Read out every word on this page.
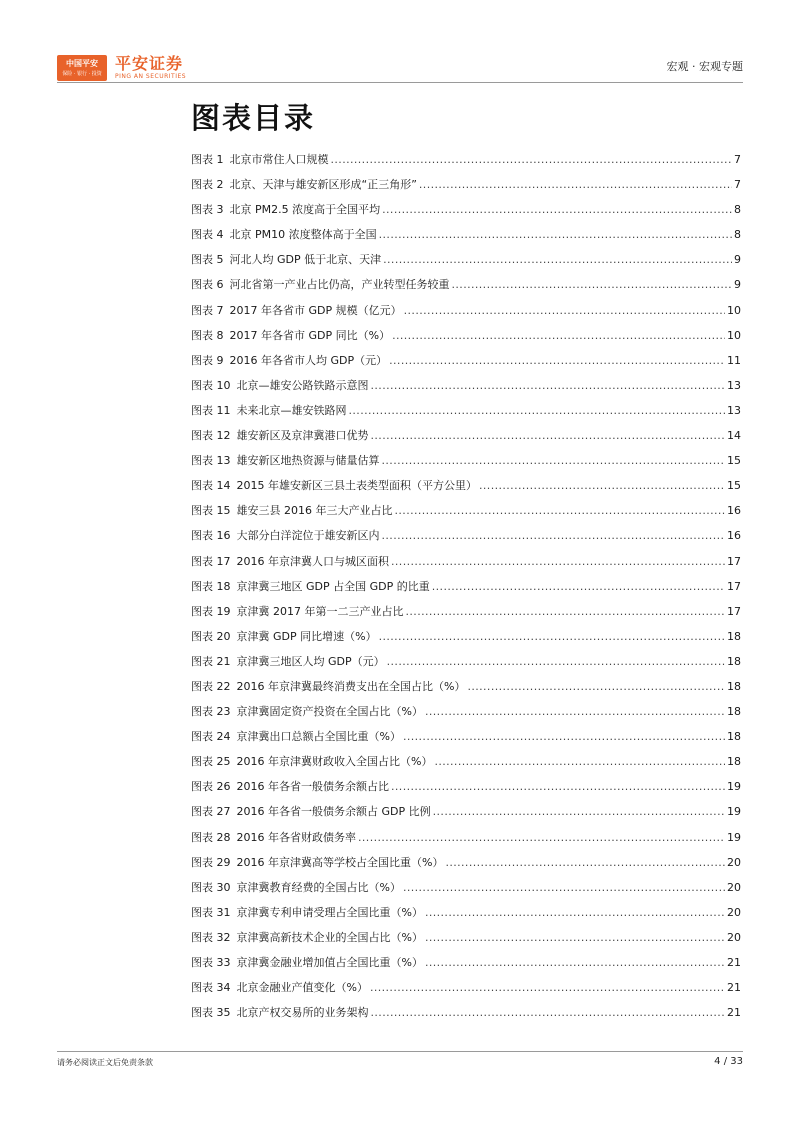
中国平安
保险 · 银行 · 投资
平安证券
PING AN SECURITIES
宏观 · 宏观专题
图表目录
图表 1 北京市常住人口规模 .....	7
图表 2 北京、天津与雄安新区形成“正三角形” .....	7
图表 3 北京 PM2.5 浓度高于全国平均 .....	8
图表 4 北京 PM10 浓度整体高于全国 .....	8
图表 5 河北人均 GDP 低于北京、天津 .....	9
图表 6 河北省第一产业占比仍高，产业转型任务较重 .....	9
图表 7 2017 年各省市 GDP 规模（亿元） .....	10
图表 8 2017 年各省市 GDP 同比（%） .....	10
图表 9 2016 年各省市人均 GDP（元） .....	11
图表 10 北京—雄安公路铁路示意图 .....	13
图表 11 未来北京—雄安铁路网 .....	13
图表 12 雄安新区及京津冀港口优势 .....	14
图表 13 雄安新区地热资源与储量估算 .....	15
图表 14 2015 年雄安新区三县土表类型面积（平方公里） .....	15
图表 15 雄安三县 2016 年三大产业占比 .....	16
图表 16 大部分白洋淀位于雄安新区内 .....	16
图表 17 2016 年京津冀人口与城区面积 .....	17
图表 18 京津冀三地区 GDP 占全国 GDP 的比重 .....	17
图表 19 京津冀 2017 年第一二三产业占比 .....	17
图表 20 京津冀 GDP 同比增速（%） .....	18
图表 21 京津冀三地区人均 GDP（元） .....	18
图表 22 2016 年京津冀最终消费支出在全国占比（%） .....	18
图表 23 京津冀固定资产投资在全国占比（%） .....	18
图表 24 京津冀出口总额占全国比重（%） .....	18
图表 25 2016 年京津冀财政收入全国占比（%） .....	18
图表 26 2016 年各省一般债务余额占比 .....	19
图表 27 2016 年各省一般债务余额占 GDP 比例 .....	19
图表 28 2016 年各省财政债务率 .....	19
图表 29 2016 年京津冀高等学校占全国比重（%） .....	20
图表 30 京津冀教育经费的全国占比（%） .....	20
图表 31 京津冀专利申请受理占全国比重（%） .....	20
图表 32 京津冀高新技术企业的全国占比（%） .....	20
图表 33 京津冀金融业增加值占全国比重（%） .....	21
图表 34 北京金融业产值变化（%） .....	21
图表 35 北京产权交易所的业务架构 .....	21
请务必阅读正文后免责条款	4 / 33
